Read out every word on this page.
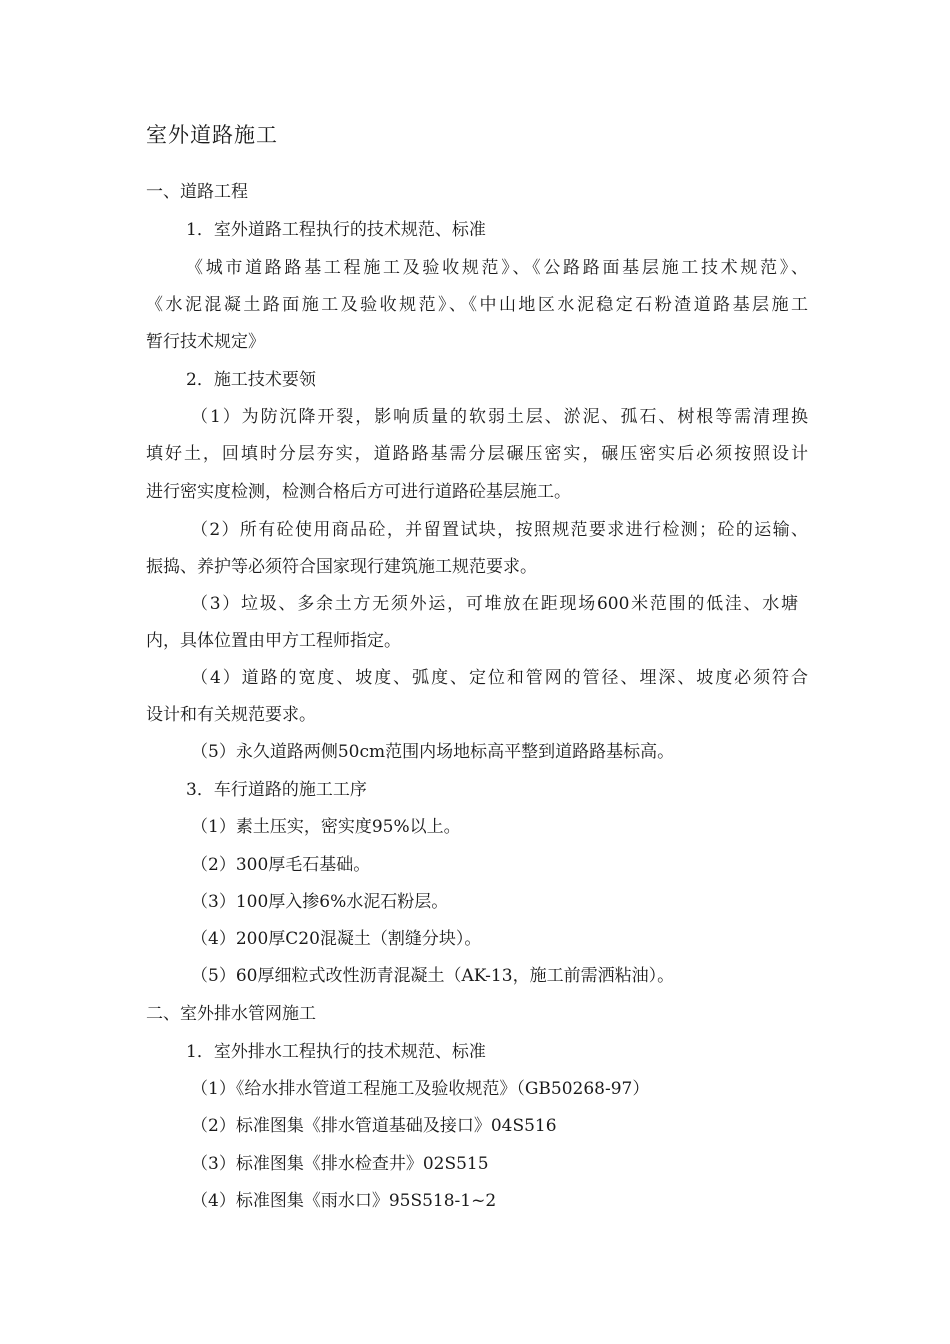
室外道路施工
一、道路工程
1．室外道路工程执行的技术规范、标准
《城市道路路基工程施工及验收规范》、《公路路面基层施工技术规范》、
《水泥混凝土路面施工及验收规范》、《中山地区水泥稳定石粉渣道路基层施工
暂行技术规定》
2．施工技术要领
（1）为防沉降开裂，影响质量的软弱土层、淤泥、孤石、树根等需清理换
填好土，回填时分层夯实，道路路基需分层碾压密实，碾压密实后必须按照设计
进行密实度检测，检测合格后方可进行道路砼基层施工。
（2）所有砼使用商品砼，并留置试块，按照规范要求进行检测；砼的运输、
振捣、养护等必须符合国家现行建筑施工规范要求。
（3）垃圾、多余土方无须外运，可堆放在距现场600米范围的低洼、水塘
内，具体位置由甲方工程师指定。
（4）道路的宽度、坡度、弧度、定位和管网的管径、埋深、坡度必须符合
设计和有关规范要求。
（5）永久道路两侧50cm范围内场地标高平整到道路路基标高。
3．车行道路的施工工序
（1）素土压实，密实度95%以上。
（2）300厚毛石基础。
（3）100厚入掺6%水泥石粉层。
（4）200厚C20混凝土（割缝分块）。
（5）60厚细粒式改性沥青混凝土（AK-13，施工前需洒粘油）。
二、室外排水管网施工
1．室外排水工程执行的技术规范、标准
（1）《给水排水管道工程施工及验收规范》（GB50268-97）
（2）标准图集《排水管道基础及接口》04S516
（3）标准图集《排水检查井》02S515
（4）标准图集《雨水口》95S518-1~2
